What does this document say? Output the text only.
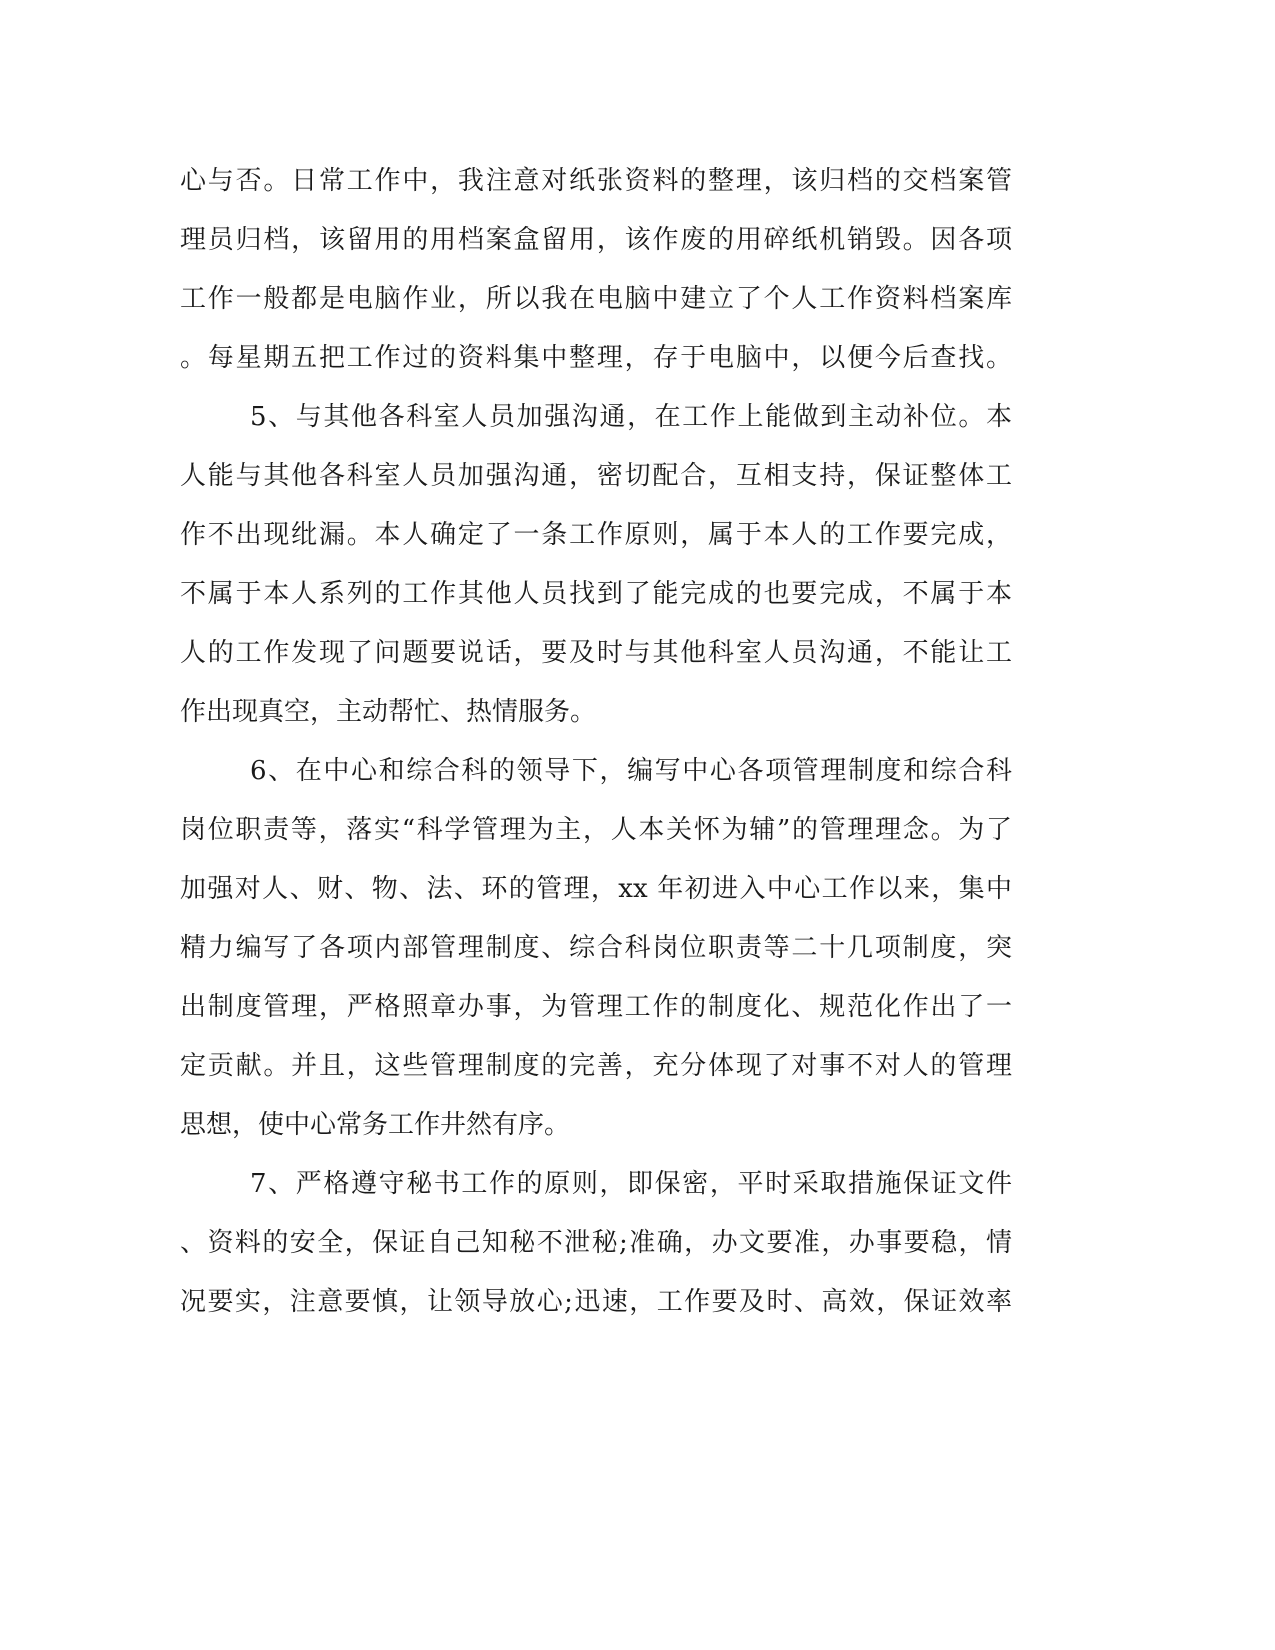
心与否。日常工作中，我注意对纸张资料的整理，该归档的交档案管
理员归档，该留用的用档案盒留用，该作废的用碎纸机销毁。因各项
工作一般都是电脑作业，所以我在电脑中建立了个人工作资料档案库
。每星期五把工作过的资料集中整理，存于电脑中，以便今后查找。
5、与其他各科室人员加强沟通，在工作上能做到主动补位。本
人能与其他各科室人员加强沟通，密切配合，互相支持，保证整体工
作不出现纰漏。本人确定了一条工作原则，属于本人的工作要完成，
不属于本人系列的工作其他人员找到了能完成的也要完成，不属于本
人的工作发现了问题要说话，要及时与其他科室人员沟通，不能让工
作出现真空，主动帮忙、热情服务。
6、在中心和综合科的领导下，编写中心各项管理制度和综合科
岗位职责等，落实“科学管理为主，人本关怀为辅”的管理理念。为了
加强对人、财、物、法、环的管理，xx 年初进入中心工作以来，集中
精力编写了各项内部管理制度、综合科岗位职责等二十几项制度，突
出制度管理，严格照章办事，为管理工作的制度化、规范化作出了一
定贡献。并且，这些管理制度的完善，充分体现了对事不对人的管理
思想，使中心常务工作井然有序。
7、严格遵守秘书工作的原则，即保密，平时采取措施保证文件
、资料的安全，保证自己知秘不泄秘;准确，办文要准，办事要稳，情
况要实，注意要慎，让领导放心;迅速，工作要及时、高效，保证效率
